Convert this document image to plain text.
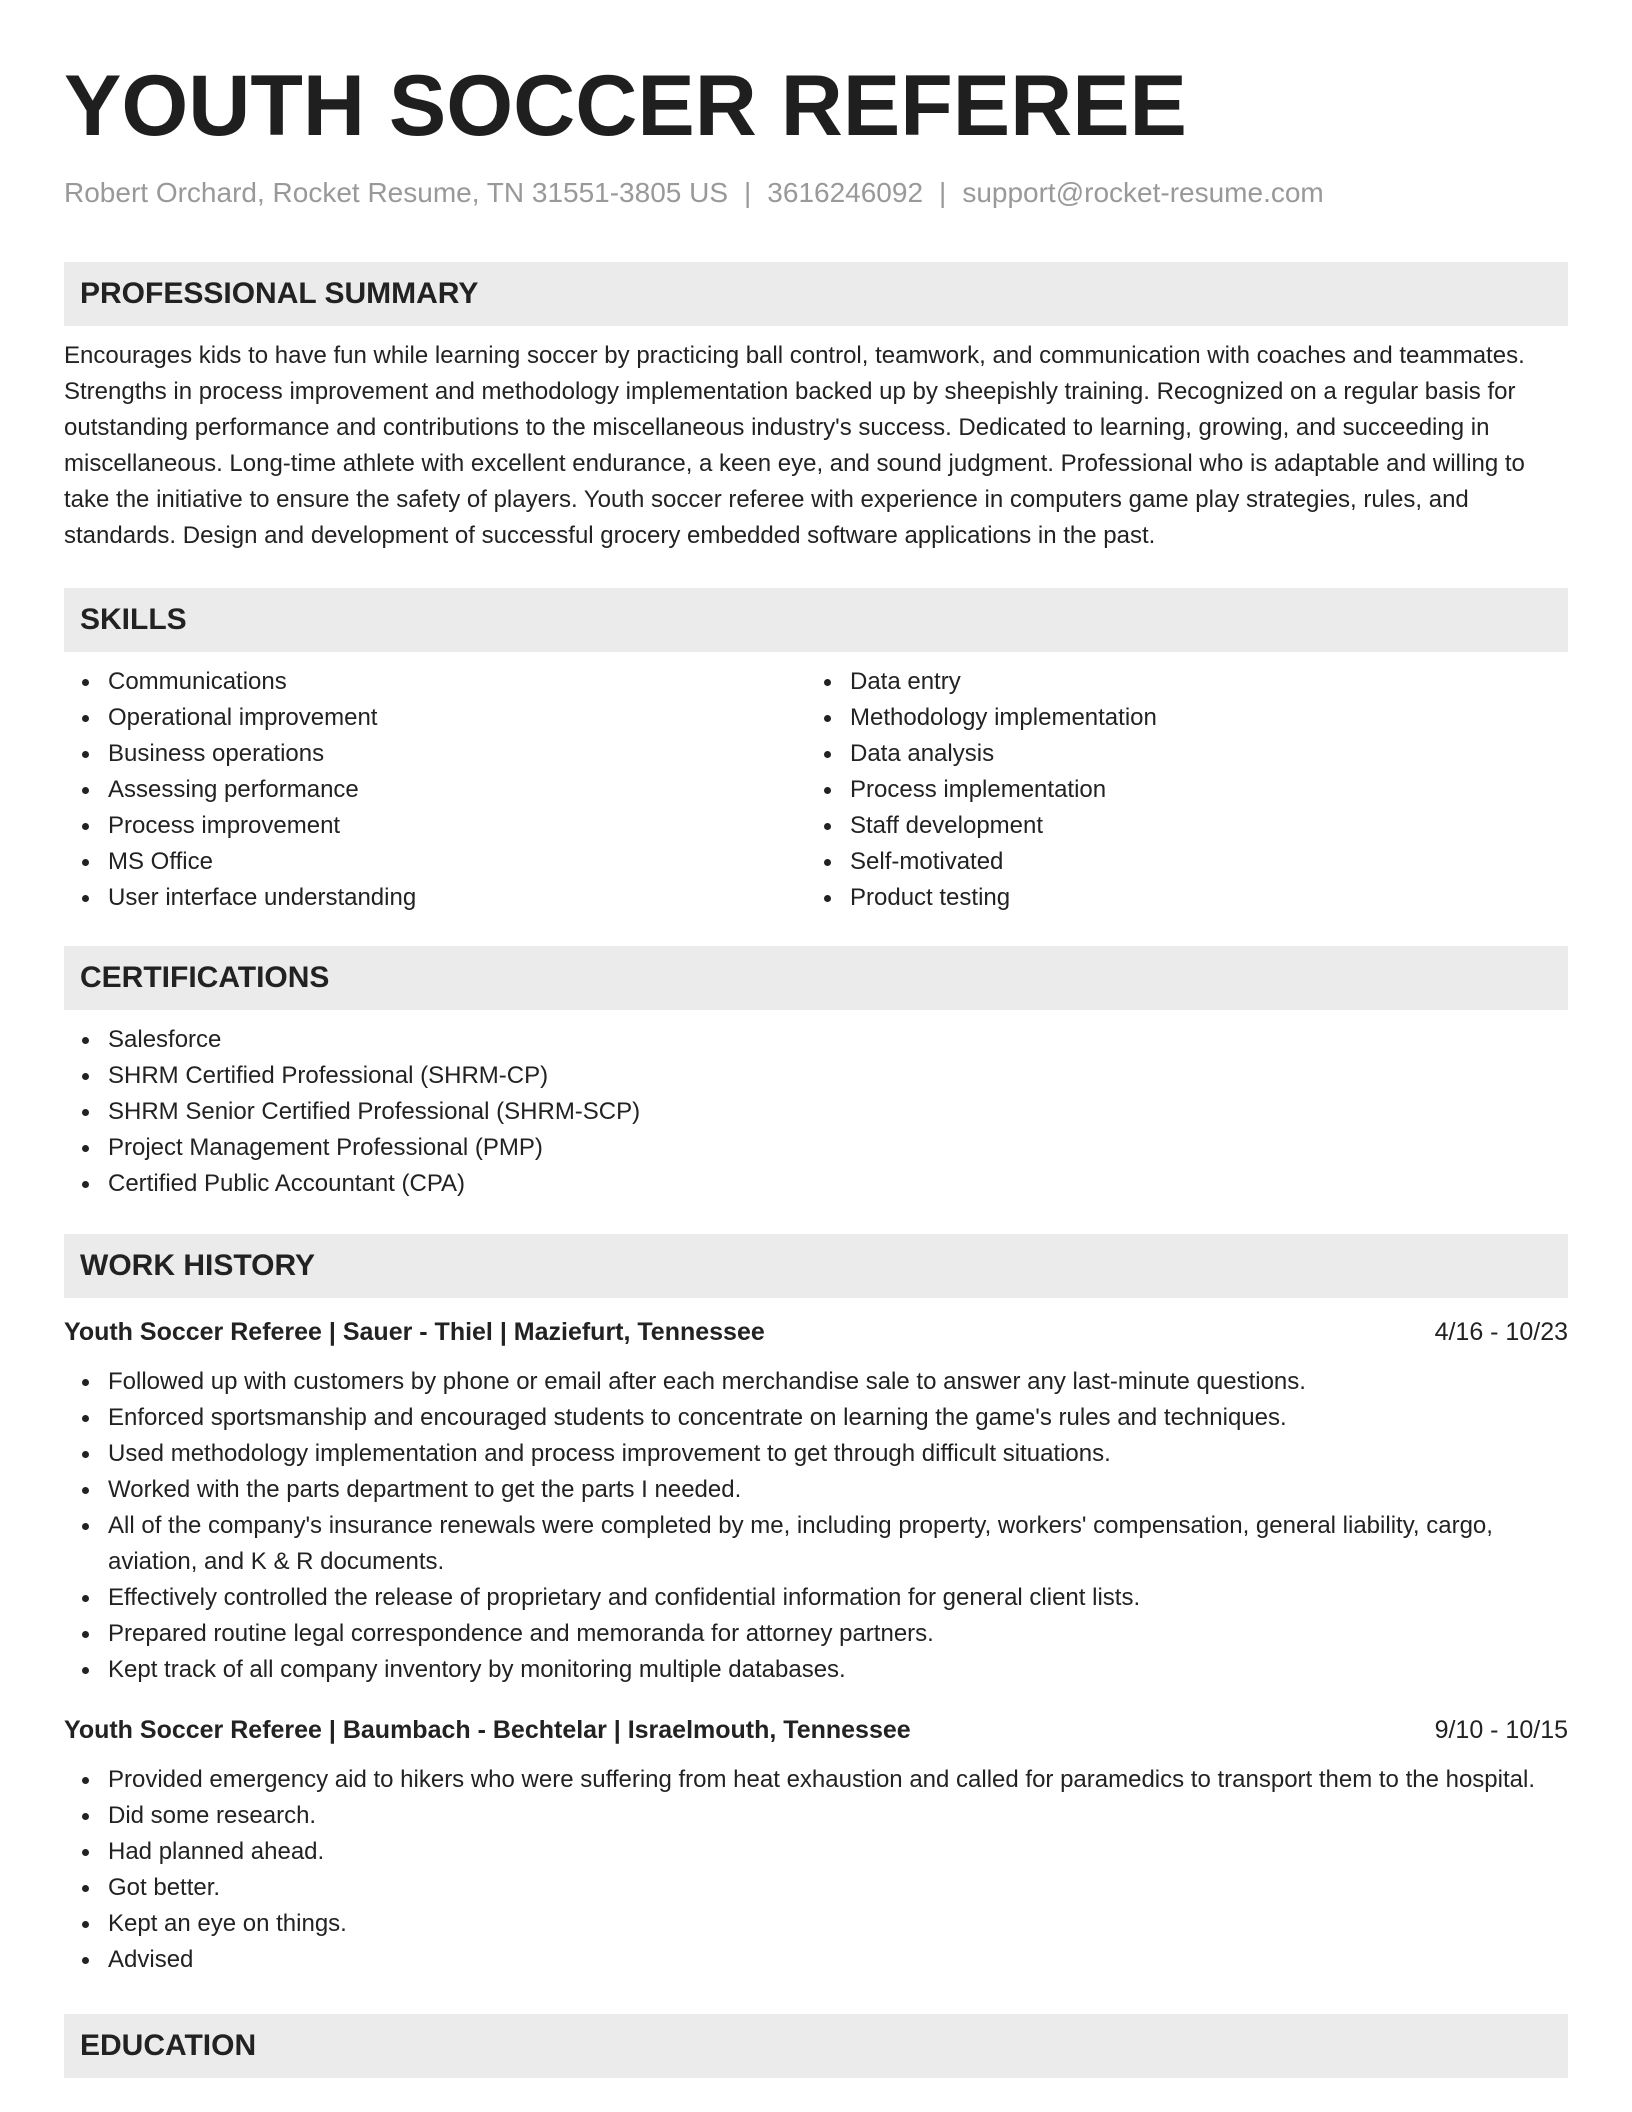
YOUTH SOCCER REFEREE
Robert Orchard, Rocket Resume, TN 31551-3805 US | 3616246092 | support@rocket-resume.com
PROFESSIONAL SUMMARY
Encourages kids to have fun while learning soccer by practicing ball control, teamwork, and communication with coaches and teammates. Strengths in process improvement and methodology implementation backed up by sheepishly training. Recognized on a regular basis for outstanding performance and contributions to the miscellaneous industry's success. Dedicated to learning, growing, and succeeding in miscellaneous. Long-time athlete with excellent endurance, a keen eye, and sound judgment. Professional who is adaptable and willing to take the initiative to ensure the safety of players. Youth soccer referee with experience in computers game play strategies, rules, and standards. Design and development of successful grocery embedded software applications in the past.
SKILLS
Communications
Operational improvement
Business operations
Assessing performance
Process improvement
MS Office
User interface understanding
Data entry
Methodology implementation
Data analysis
Process implementation
Staff development
Self-motivated
Product testing
CERTIFICATIONS
Salesforce
SHRM Certified Professional (SHRM-CP)
SHRM Senior Certified Professional (SHRM-SCP)
Project Management Professional (PMP)
Certified Public Accountant (CPA)
WORK HISTORY
Youth Soccer Referee | Sauer - Thiel | Maziefurt, Tennessee	4/16 - 10/23
Followed up with customers by phone or email after each merchandise sale to answer any last-minute questions.
Enforced sportsmanship and encouraged students to concentrate on learning the game's rules and techniques.
Used methodology implementation and process improvement to get through difficult situations.
Worked with the parts department to get the parts I needed.
All of the company's insurance renewals were completed by me, including property, workers' compensation, general liability, cargo, aviation, and K & R documents.
Effectively controlled the release of proprietary and confidential information for general client lists.
Prepared routine legal correspondence and memoranda for attorney partners.
Kept track of all company inventory by monitoring multiple databases.
Youth Soccer Referee | Baumbach - Bechtelar | Israelmouth, Tennessee	9/10 - 10/15
Provided emergency aid to hikers who were suffering from heat exhaustion and called for paramedics to transport them to the hospital.
Did some research.
Had planned ahead.
Got better.
Kept an eye on things.
Advised
EDUCATION
